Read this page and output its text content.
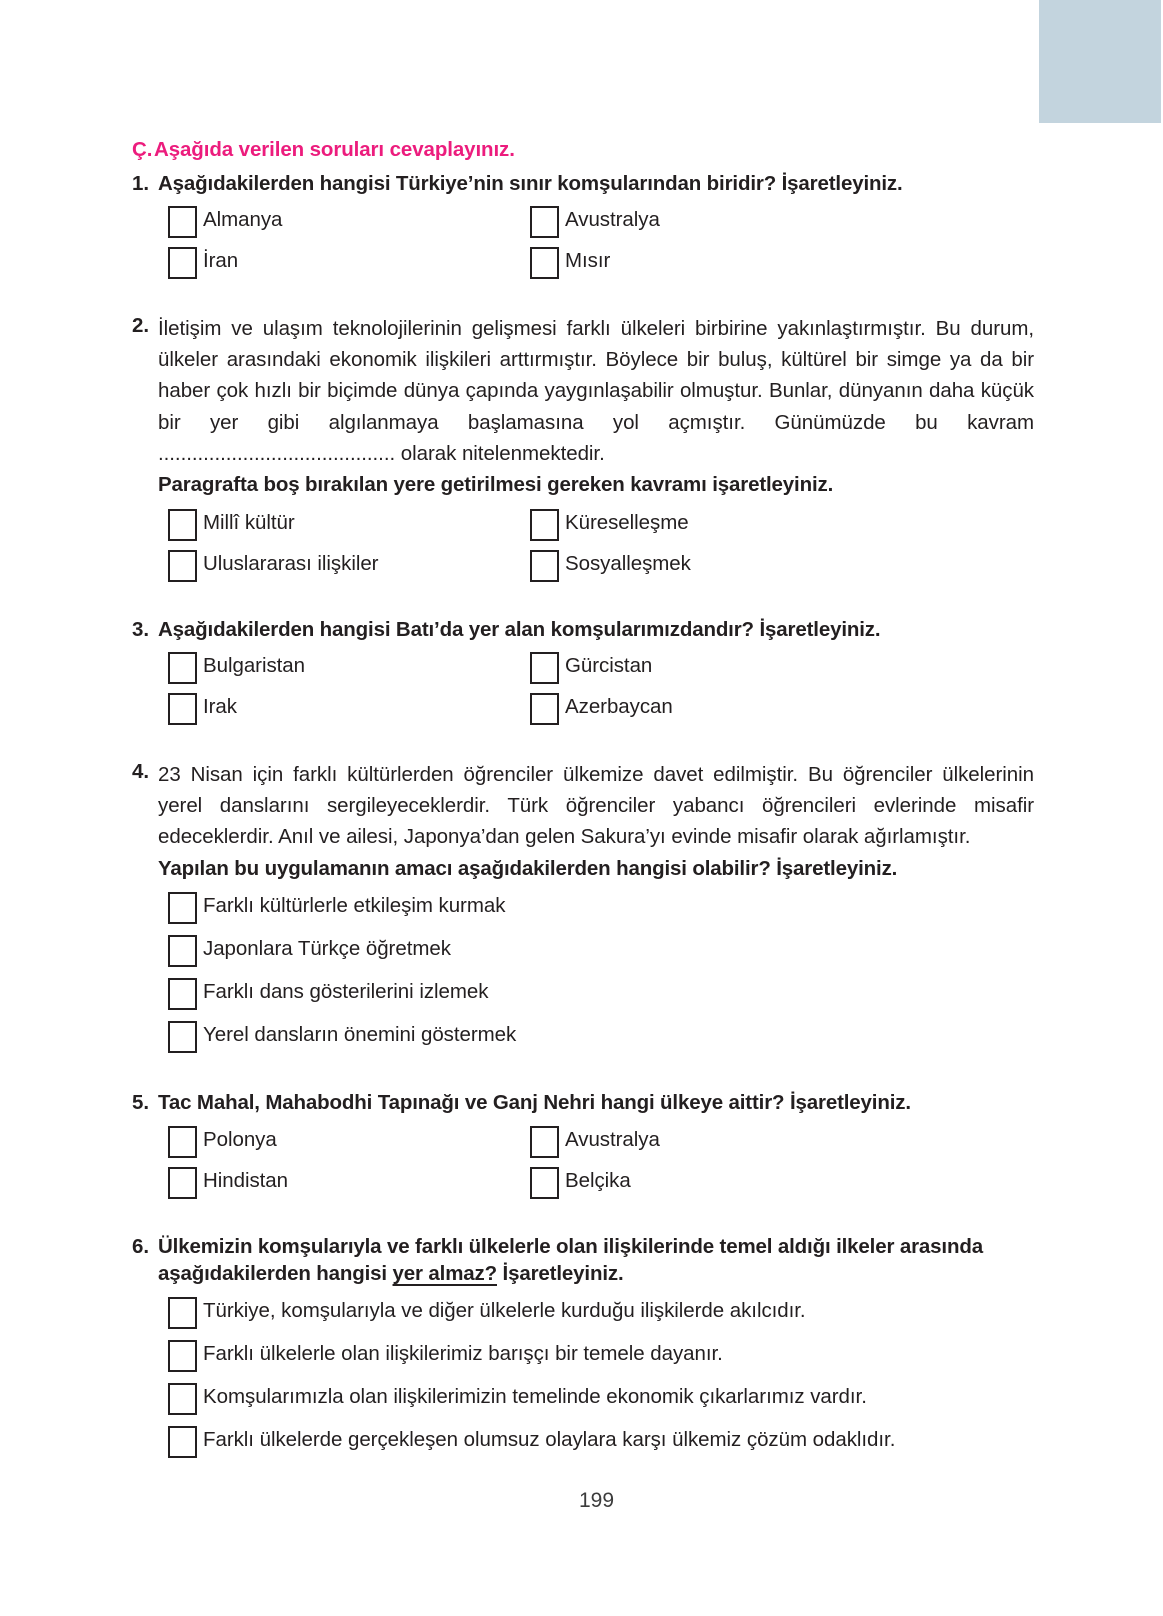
Ç.Aşağıda verilen soruları cevaplayınız.
1. Aşağıdakilerden hangisi Türkiye’nin sınır komşularından biridir? İşaretleyiniz.
Almanya	Avustralya
İran	Mısır
2. İletişim ve ulaşım teknolojilerinin gelişmesi farklı ülkeleri birbirine yakınlaştırmıştır. Bu durum, ülkeler arasındaki ekonomik ilişkileri arttırmıştır. Böylece bir buluş, kültürel bir simge ya da bir haber çok hızlı bir biçimde dünya çapında yaygınlaşabilir olmuştur. Bunlar, dünyanın daha küçük bir yer gibi algılanmaya başlamasına yol açmıştır. Günümüzde bu kavram .......................................... olarak nitelenmektedir.
Paragrafta boş bırakılan yere getirilmesi gereken kavramı işaretleyiniz.
Millî kültür	Küreselleşme
Uluslararası ilişkiler	Sosyalleşmek
3. Aşağıdakilerden hangisi Batı’da yer alan komşularımızdandır? İşaretleyiniz.
Bulgaristan	Gürcistan
Irak	Azerbaycan
4. 23 Nisan için farklı kültürlerden öğrenciler ülkemize davet edilmiştir. Bu öğrenciler ülkelerinin yerel danslarını sergileyeceklerdir. Türk öğrenciler yabancı öğrencileri evlerinde misafir edeceklerdir. Anıl ve ailesi, Japonya’dan gelen Sakura’yı evinde misafir olarak ağırlamıştır.
Yapılan bu uygulamanın amacı aşağıdakilerden hangisi olabilir? İşaretleyiniz.
Farklı kültürlerle etkileşim kurmak
Japonlara Türkçe öğretmek
Farklı dans gösterilerini izlemek
Yerel dansların önemini göstermek
5. Tac Mahal, Mahabodhi Tapınağı ve Ganj Nehri hangi ülkeye aittir? İşaretleyiniz.
Polonya	Avustralya
Hindistan	Belçika
6. Ülkemizin komşularıyla ve farklı ülkelerle olan ilişkilerinde temel aldığı ilkeler arasında aşağıdakilerden hangisi yer almaz? İşaretleyiniz.
Türkiye, komşularıyla ve diğer ülkelerle kurduğu ilişkilerde akılcıdır.
Farklı ülkelerle olan ilişkilerimiz barışçı bir temele dayanır.
Komşularımızla olan ilişkilerimizin temelinde ekonomik çıkarlarımız vardır.
Farklı ülkelerde gerçekleşen olumsuz olaylara karşı ülkemiz çözüm odaklıdır.
199
